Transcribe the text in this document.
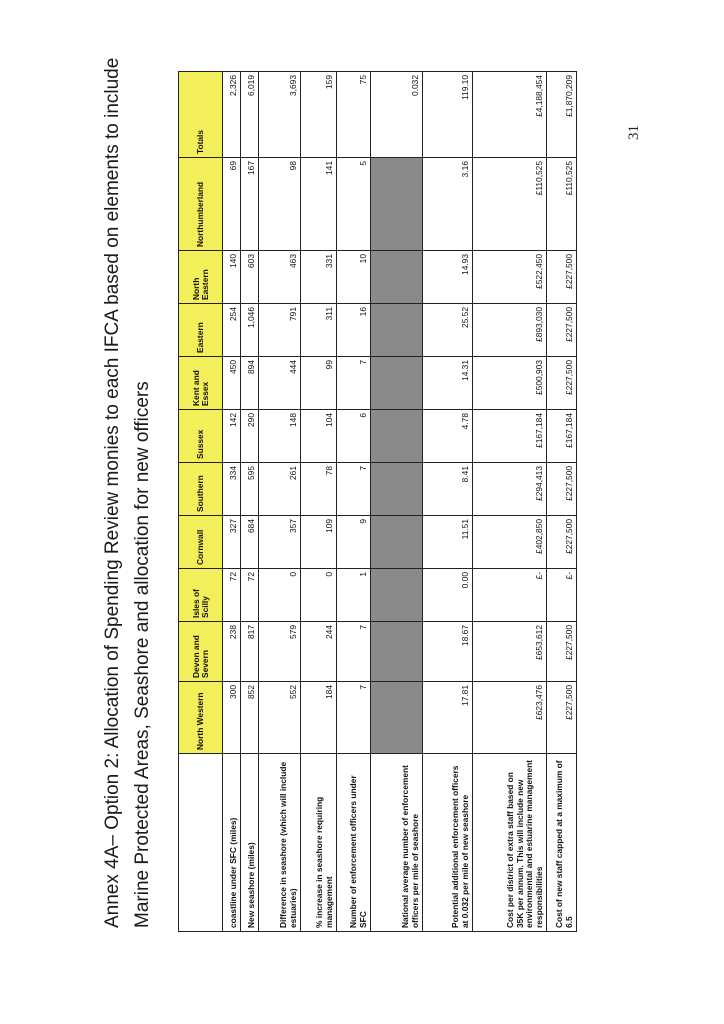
Annex 4A– Option 2: Allocation of Spending Review monies to each IFCA based on elements to include Marine Protected Areas, Seashore and allocation for new officers
		North Western	Devon and Severn	Isles of Scilly	Cornwall	Southern	Sussex	Kent and Essex	Eastern	North Eastern	Northumberland	Totals
coastline under SFC (miles)	300	238	72	327	334	142	450	254	140	69	2,326
New seashore (miles)	852	817	72	684	595	290	894	1,046	603	167	6,019
Difference in seashore (which will include estuaries)	552	579	0	357	261	148	444	791	463	98	3,693
% increase in seashore requiring management	184	244	0	109	78	104	99	311	331	141	159
Number of enforcement officers under SFC	7	7	1	9	7	6	7	16	10	5	75
National average number of enforcement officers per mile of seashore											0.032
Potential additional enforcement officers at 0.032 per mile of new seashore	17.81	18.67	0.00	11.51	8.41	4.78	14.31	25.52	14.93	3.16	119.10
Cost per district of extra staff based on 35K per annum. This will include new environmental and estuarine management responsibilities	£623,476	£653,612	£-	£402,850	£294,413	£167,184	£500,903	£893,030	£522,450	£110,525	£4,188,454
Cost of new staff capped at a maximum of 6.5	£227,500	£227,500	£-	£227,500	£227,500	£167,184	£227,500	£227,500	£227,500	£110,525	£1,870,209
31
